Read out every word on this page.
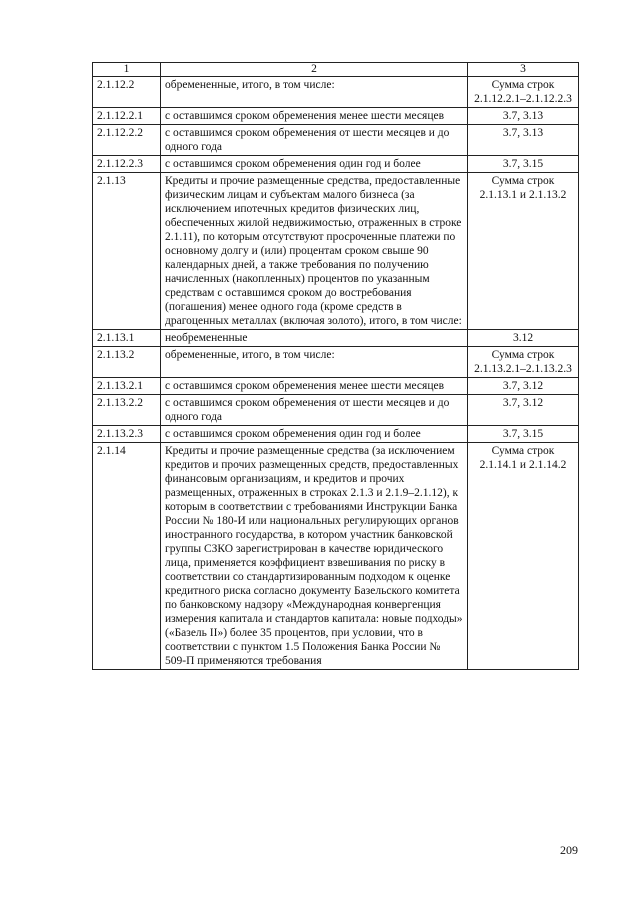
1	2	3
2.1.12.2	обремененные, итого, в том числе:	Сумма строк 2.1.12.2.1–2.1.12.2.3
2.1.12.2.1	с оставшимся сроком обременения менее шести месяцев	3.7, 3.13
2.1.12.2.2	с оставшимся сроком обременения от шести месяцев и до одного года	3.7, 3.13
2.1.12.2.3	с оставшимся сроком обременения один год и более	3.7, 3.15
2.1.13	Кредиты и прочие размещенные средства, предоставленные физическим лицам и субъектам малого бизнеса (за исключением ипотечных кредитов физических лиц, обеспеченных жилой недвижимостью, отраженных в строке 2.1.11), по которым отсутствуют просроченные платежи по основному долгу и (или) процентам сроком свыше 90 календарных дней, а также требования по получению начисленных (накопленных) процентов по указанным средствам с оставшимся сроком до востребования (погашения) менее одного года (кроме средств в драгоценных металлах (включая золото), итого, в том числе:	Сумма строк 2.1.13.1 и 2.1.13.2
2.1.13.1	необремененные	3.12
2.1.13.2	обремененные, итого, в том числе:	Сумма строк 2.1.13.2.1–2.1.13.2.3
2.1.13.2.1	с оставшимся сроком обременения менее шести месяцев	3.7, 3.12
2.1.13.2.2	с оставшимся сроком обременения от шести месяцев и до одного года	3.7, 3.12
2.1.13.2.3	с оставшимся сроком обременения один год и более	3.7, 3.15
2.1.14	Кредиты и прочие размещенные средства (за исключением кредитов и прочих размещенных средств, предоставленных финансовым организациям, и кредитов и прочих размещенных, отраженных в строках 2.1.3 и 2.1.9–2.1.12), к которым в соответствии с требованиями Инструкции Банка России № 180-И или национальных регулирующих органов иностранного государства, в котором участник банковской группы СЗКО зарегистрирован в качестве юридического лица, применяется коэффициент взвешивания по риску в соответствии со стандартизированным подходом к оценке кредитного риска согласно документу Базельского комитета по банковскому надзору «Международная конвергенция измерения капитала и стандартов капитала: новые подходы» («Базель II») более 35 процентов, при условии, что в соответствии с пунктом 1.5 Положения Банка России № 509-П применяются требования	Сумма строк 2.1.14.1 и 2.1.14.2
209
